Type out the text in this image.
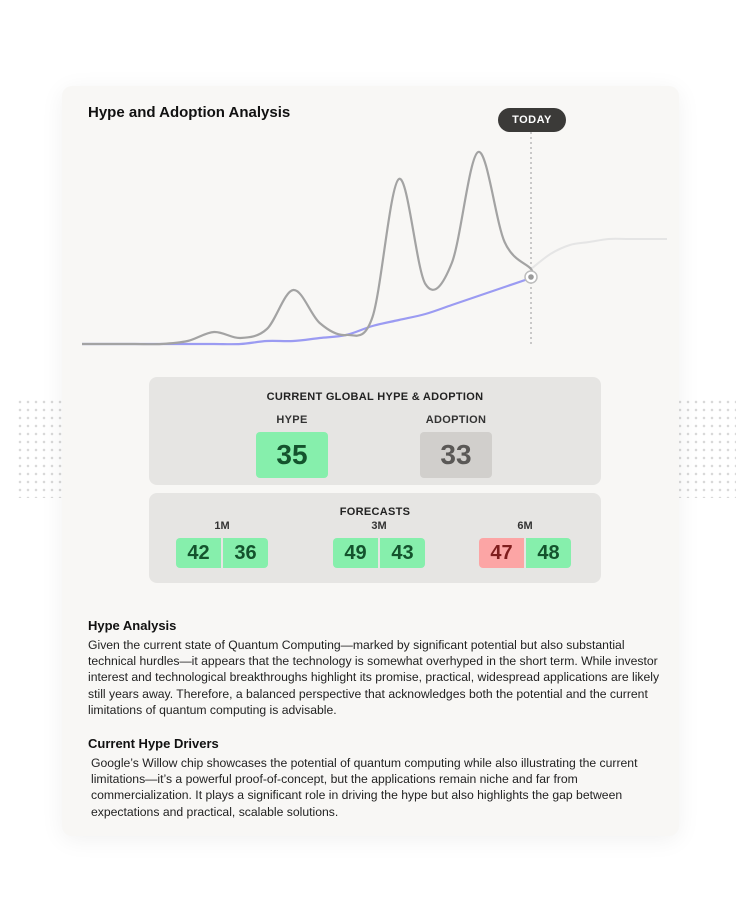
Hype and Adoption Analysis	TODAY
CURRENT GLOBAL HYPE & ADOPTION
HYPE	ADOPTION
35	33
FORECASTS
1M
42	36
3M
49	43
6M
47	48
Hype Analysis
Given the current state of Quantum Computing—marked by significant potential but also substantial technical hurdles—it appears that the technology is somewhat overhyped in the short term. While investor interest and technological breakthroughs highlight its promise, practical, widespread applications are likely still years away. Therefore, a balanced perspective that acknowledges both the potential and the current limitations of quantum computing is advisable.
Current Hype Drivers
Google’s Willow chip showcases the potential of quantum computing while also illustrating the current limitations—it’s a powerful proof-of-concept, but the applications remain niche and far from commercialization. It plays a significant role in driving the hype but also highlights the gap between expectations and practical, scalable solutions.
